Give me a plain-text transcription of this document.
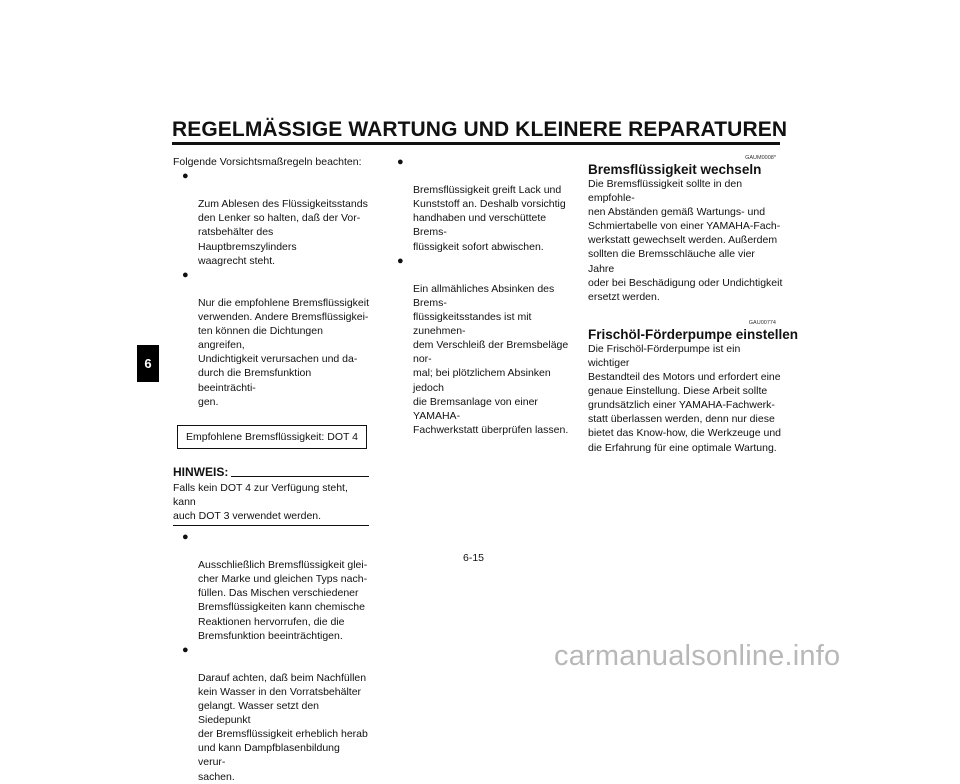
REGELMÄSSIGE WARTUNG UND KLEINERE REPARATUREN
6
Folgende Vorsichtsmaßregeln beachten:

●

Zum Ablesen des Flüssigkeitsstands
den Lenker so halten, daß der Vor-
ratsbehälter des Hauptbremszylinders
waagrecht steht.

●

Nur die empfohlene Bremsflüssigkeit
verwenden. Andere Bremsflüssigkei-
ten können die Dichtungen angreifen,
Undichtigkeit verursachen und da-
durch die Bremsfunktion beeinträchti-
gen.

Empfohlene Bremsflüssigkeit: DOT 4
HINWEIS:
Falls kein DOT 4 zur Verfügung steht, kann
auch DOT 3 verwendet werden.

●

Ausschließlich Bremsflüssigkeit glei-
cher Marke und gleichen Typs nach-
füllen. Das Mischen verschiedener
Bremsflüssigkeiten kann chemische
Reaktionen hervorrufen, die die
Bremsfunktion beeinträchtigen.

●

Darauf achten, daß beim Nachfüllen
kein Wasser in den Vorratsbehälter
gelangt. Wasser setzt den Siedepunkt
der Bremsflüssigkeit erheblich herab
und kann Dampfblasenbildung verur-
sachen.

●

Bremsflüssigkeit greift Lack und
Kunststoff an. Deshalb vorsichtig
handhaben und verschüttete Brems-
flüssigkeit sofort abwischen.

●

Ein allmähliches Absinken des Brems-
flüssigkeitsstandes ist mit zunehmen-
dem Verschleiß der Bremsbeläge nor-
mal; bei plötzlichem Absinken jedoch
die Bremsanlage von einer YAMAHA-
Fachwerkstatt überprüfen lassen.

GAUM0008*
Bremsflüssigkeit wechseln
Die Bremsflüssigkeit sollte in den empfohle-
nen Abständen gemäß Wartungs- und
Schmiertabelle von einer YAMAHA-Fach-
werkstatt gewechselt werden. Außerdem
sollten die Bremsschläuche alle vier Jahre
oder bei Beschädigung oder Undichtigkeit
ersetzt werden.
GAU00774
Frischöl-Förderpumpe einstellen
Die Frischöl-Förderpumpe ist ein wichtiger
Bestandteil des Motors und erfordert eine
genaue Einstellung. Diese Arbeit sollte
grundsätzlich einer YAMAHA-Fachwerk-
statt überlassen werden, denn nur diese
bietet das Know-how, die Werkzeuge und
die Erfahrung für eine optimale Wartung.
6-15
carmanualsonline.info
